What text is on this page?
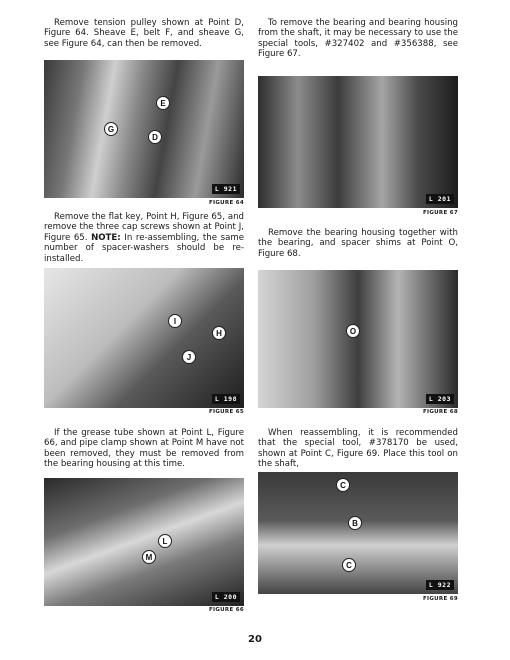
Remove tension pulley shown at Point D, Figure 64. Sheave E, belt F, and sheave G, see Figure 64, can then be removed.

G
E
D
L 921
FIGURE 64

Remove the flat key, Point H, Figure 65, and remove the three cap screws shown at Point J, Figure 65. NOTE: In re-assembling, the same number of spacer-washers should be re-installed.

I
H
J
L 198
FIGURE 65

If the grease tube shown at Point L, Figure 66, and pipe clamp shown at Point M have not been removed, they must be removed from the bearing housing at this time.

L
M
L 200
FIGURE 66

To remove the bearing and bearing housing from the shaft, it may be necessary to use the special tools, #327402 and #356388, see Figure 67.

L 201
FIGURE 67

Remove the bearing housing together with the bearing, and spacer shims at Point O, Figure 68.

O
L 203
FIGURE 68

When reassembling, it is recommended that the special tool, #378170 be used, shown at Point C, Figure 69. Place this tool on the shaft,

C
B
C
L 922
FIGURE 69
20
